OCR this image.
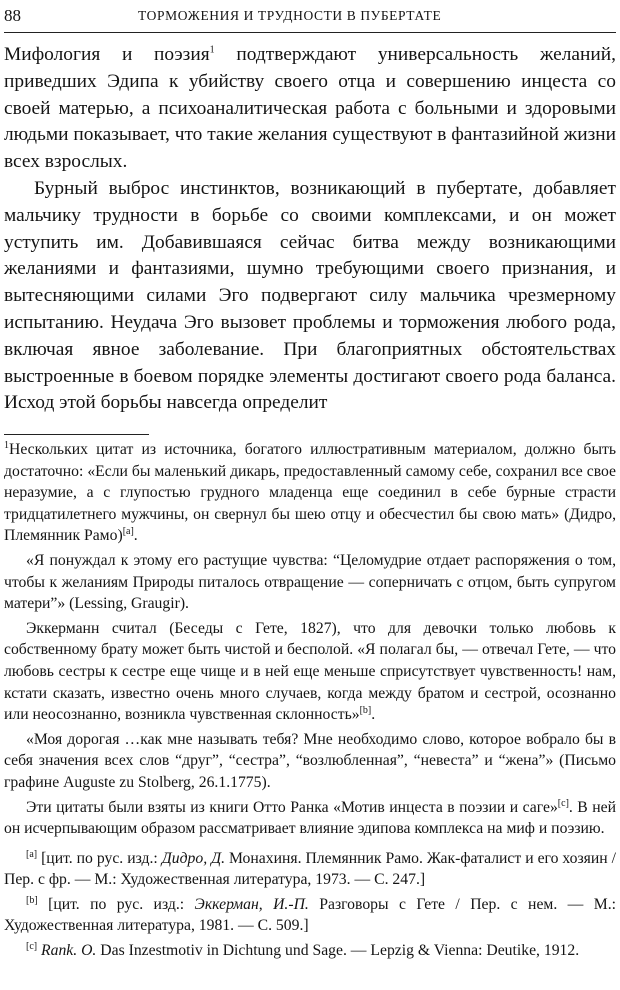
88	ТОРМОЖЕНИЯ И ТРУДНОСТИ В ПУБЕРТАТЕ

Мифология и поэзия$^1$ подтверждают универсальность желаний, приведших Эдипа к убийству своего отца и совершению инцеста со своей матерью, а психоаналитическая работа с больными и здоровыми людьми показывает, что такие желания существуют в фантазийной жизни всех взрослых.

Бурный выброс инстинктов, возникающий в пубертате, добавляет мальчику трудности в борьбе со своими комплексами, и он может уступить им. Добавившаяся сейчас битва между возникающими желаниями и фантазиями, шумно требующими своего признания, и вытесняющими силами Эго подвергают силу мальчика чрезмерному испытанию. Неудача Эго вызовет проблемы и торможения любого рода, включая явное заболевание. При благоприятных обстоятельствах выстроенные в боевом порядке элементы достигают своего рода баланса. Исход этой борьбы навсегда определит

$^1$Нескольких цитат из источника, богатого иллюстративным материалом, должно быть достаточно: «Если бы маленький дикарь, предоставленный самому себе, сохранил все свое неразумие, а с глупостью грудного младенца еще соединил в себе бурные страсти тридцатилетнего мужчины, он свернул бы шею отцу и обесчестил бы свою мать» (Дидро, Племянник Рамо)[a].

«Я понуждал к этому его растущие чувства: “Целомудрие отдает распоряжения о том, чтобы к желаниям Природы питалось отвращение — соперничать с отцом, быть супругом матери”» (Lessing, Graugir).

Эккерманн считал (Беседы с Гете, 1827), что для девочки только любовь к собственному брату может быть чистой и бесполой. «Я полагал бы, — отвечал Гете, — что любовь сестры к сестре еще чище и в ней еще меньше сприсутствует чувственность! нам, кстати сказать, известно очень много случаев, когда между братом и сестрой, осознанно или неосознанно, возникла чувственная склонность»[b].

«Моя дорогая …как мне называть тебя? Мне необходимо слово, которое вобрало бы в себя значения всех слов “друг”, “сестра”, “возлюбленная”, “невеста” и “жена”» (Письмо графине Auguste zu Stolberg, 26.1.1775).

Эти цитаты были взяты из книги Отто Ранка «Мотив инцеста в поэзии и саге»[c]. В ней он исчерпывающим образом рассматривает влияние эдипова комплекса на миф и поэзию.

[a] [цит. по рус. изд.: Дидро, Д. Монахиня. Племянник Рамо. Жак-фаталист и его хозяин / Пер. с фр. — М.: Художественная литература, 1973. — С. 247.]

[b] [цит. по рус. изд.: Эккерман, И.-П. Разговоры с Гете / Пер. с нем. — М.: Художественная литература, 1981. — С. 509.]

[c] Rank. O. Das Inzestmotiv in Dichtung und Sage. — Lepzig & Vienna: Deutike, 1912.
